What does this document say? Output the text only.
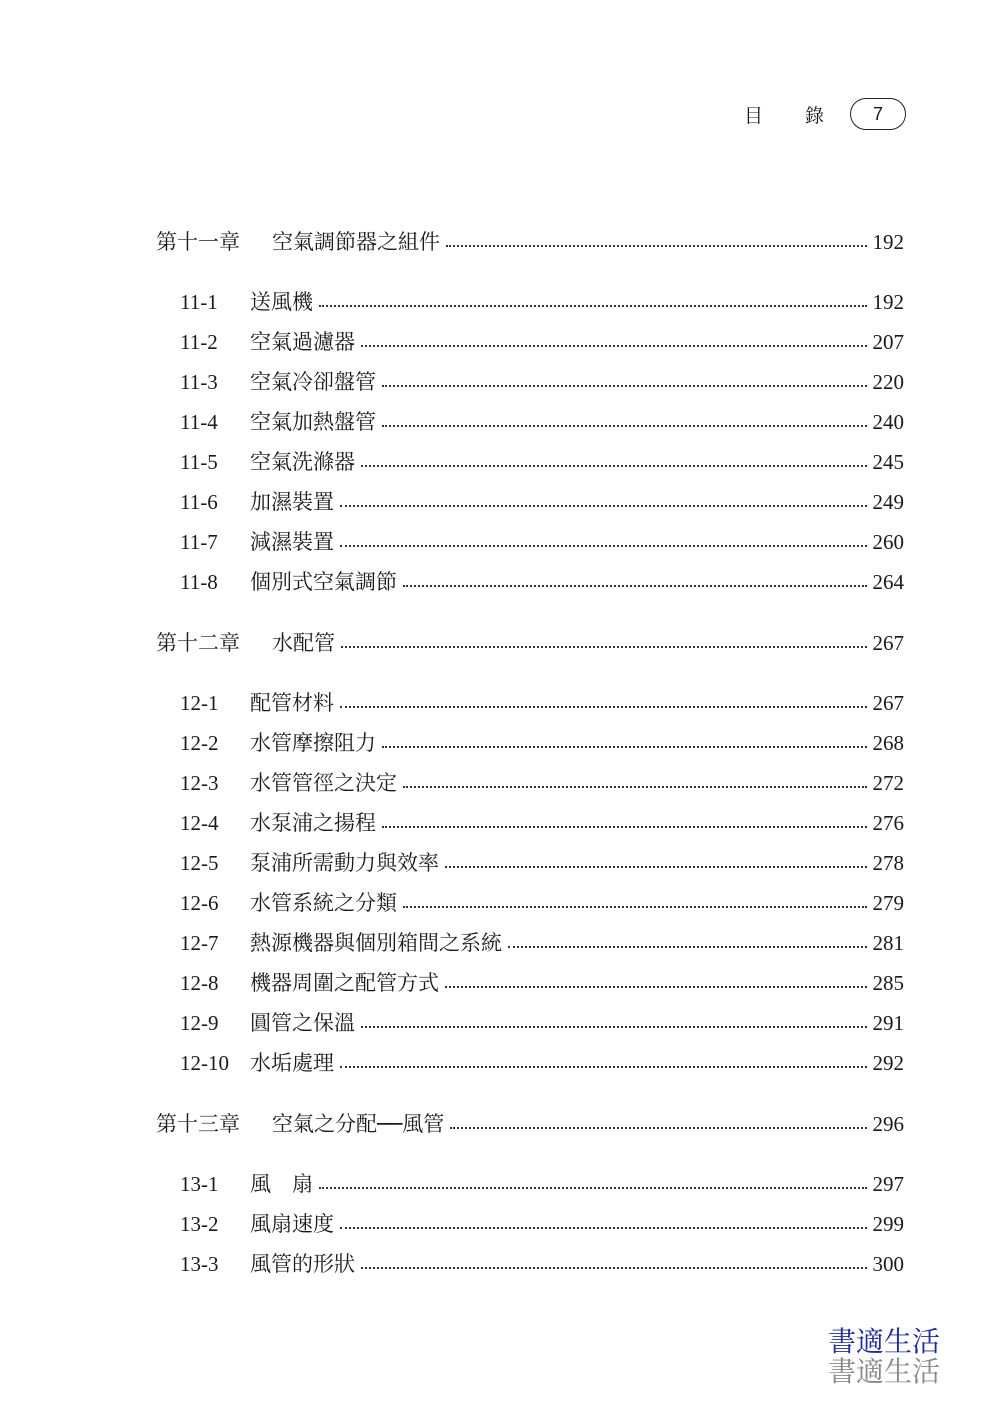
目 錄	7
第十一章	空氣調節器之組件	192
11-1	送風機	192
11-2	空氣過濾器	207
11-3	空氣冷卻盤管	220
11-4	空氣加熱盤管	240
11-5	空氣洗滌器	245
11-6	加濕裝置	249
11-7	減濕裝置	260
11-8	個別式空氣調節	264
第十二章	水配管	267
12-1	配管材料	267
12-2	水管摩擦阻力	268
12-3	水管管徑之決定	272
12-4	水泵浦之揚程	276
12-5	泵浦所需動力與效率	278
12-6	水管系統之分類	279
12-7	熱源機器與個別箱間之系統	281
12-8	機器周圍之配管方式	285
12-9	圓管之保溫	291
12-10	水垢處理	292
第十三章	空氣之分配──風管	296
13-1	風　扇	297
13-2	風扇速度	299
13-3	風管的形狀	300
書適生活
書適生活
